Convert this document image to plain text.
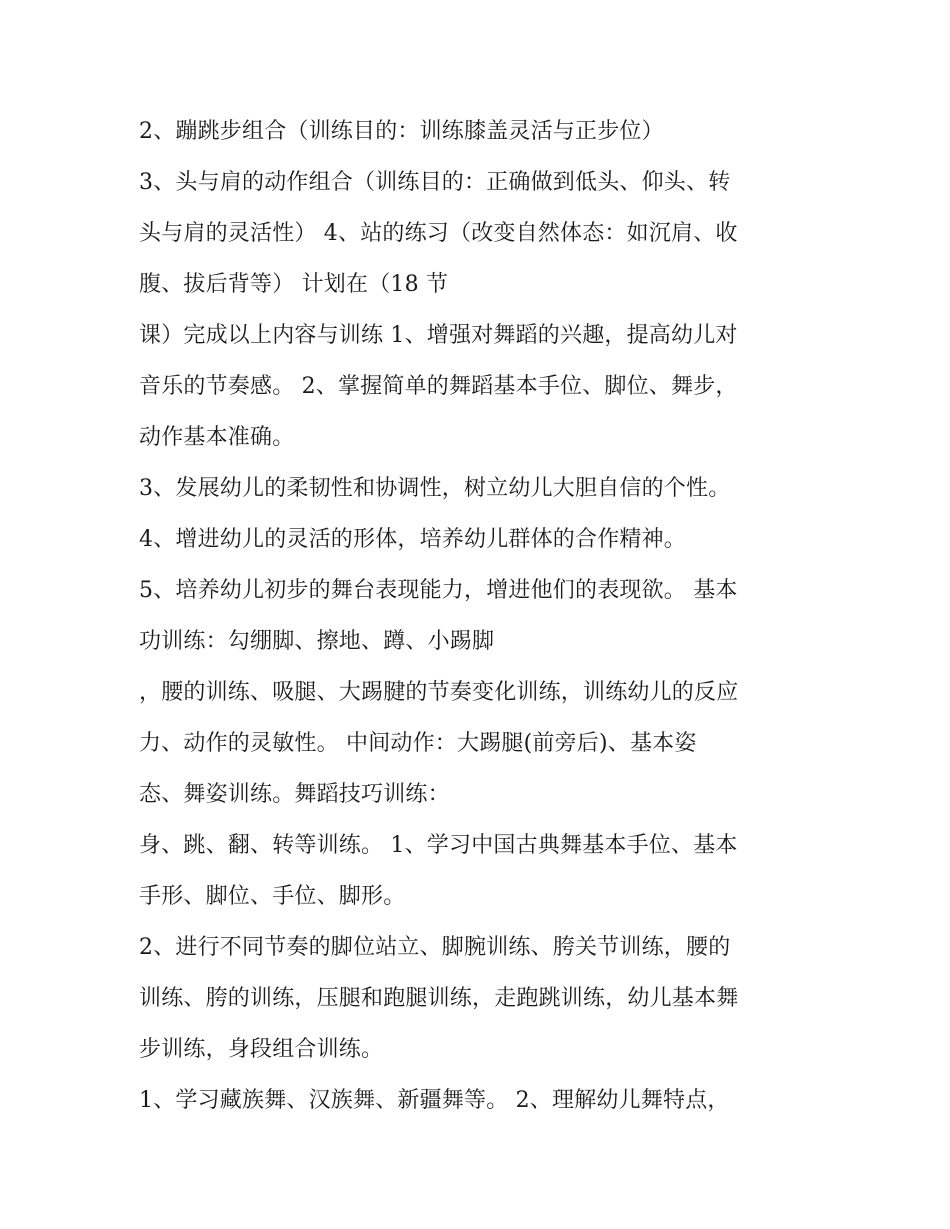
2、蹦跳步组合（训练目的：训练膝盖灵活与正步位）
3、头与肩的动作组合（训练目的：正确做到低头、仰头、转
头与肩的灵活性） 4、站的练习（改变自然体态：如沉肩、收
腹、拔后背等） 计划在（18 节
课）完成以上内容与训练 1、增强对舞蹈的兴趣，提高幼儿对
音乐的节奏感。 2、掌握简单的舞蹈基本手位、脚位、舞步，
动作基本准确。
3、发展幼儿的柔韧性和协调性，树立幼儿大胆自信的个性。
4、增进幼儿的灵活的形体，培养幼儿群体的合作精神。
5、培养幼儿初步的舞台表现能力，增进他们的表现欲。 基本
功训练：勾绷脚、擦地、蹲、小踢脚
，腰的训练、吸腿、大踢腱的节奏变化训练，训练幼儿的反应
力、动作的灵敏性。 中间动作：大踢腿(前旁后)、基本姿
态、舞姿训练。舞蹈技巧训练：
身、跳、翻、转等训练。 1、学习中国古典舞基本手位、基本
手形、脚位、手位、脚形。
2、进行不同节奏的脚位站立、脚腕训练、胯关节训练，腰的
训练、胯的训练，压腿和跑腿训练，走跑跳训练，幼儿基本舞
步训练，身段组合训练。
1、学习藏族舞、汉族舞、新疆舞等。 2、理解幼儿舞特点，
